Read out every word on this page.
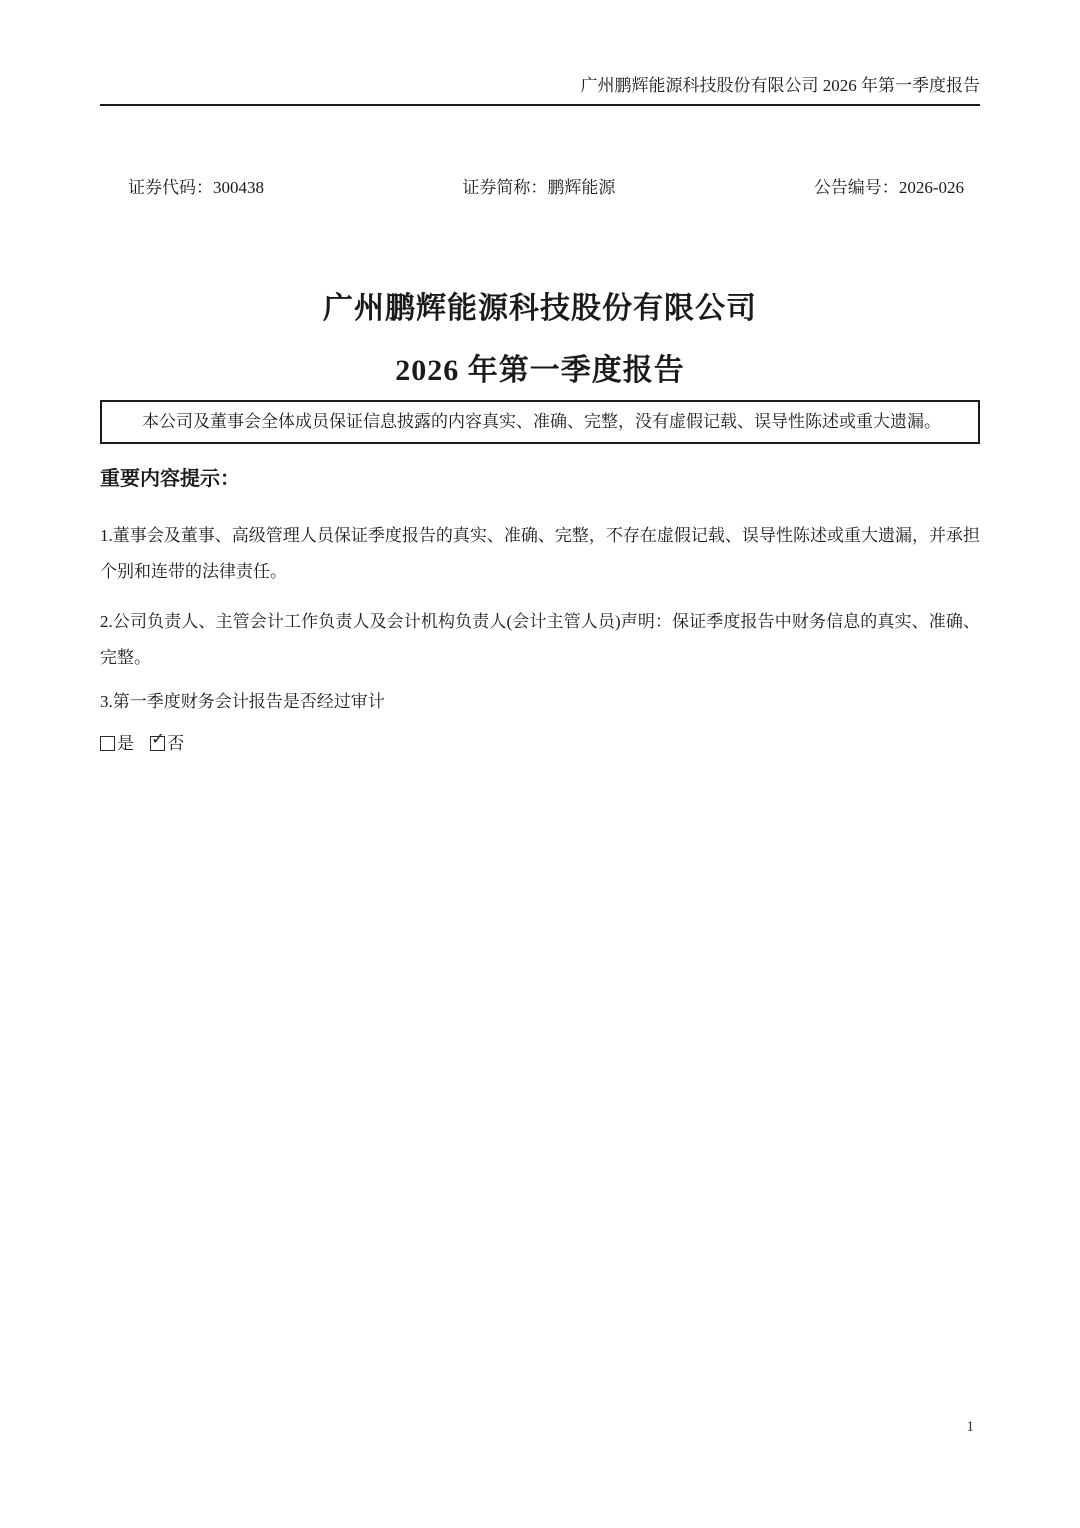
广州鹏辉能源科技股份有限公司 2026 年第一季度报告
证券代码：300438	证券简称：鹏辉能源	公告编号：2026-026
广州鹏辉能源科技股份有限公司
2026 年第一季度报告
本公司及董事会全体成员保证信息披露的内容真实、准确、完整，没有虚假记载、误导性陈述或重大遗漏。
重要内容提示：

1.董事会及董事、高级管理人员保证季度报告的真实、准确、完整，不存在虚假记载、误导性陈述或重大遗漏，并承担个别和连带的法律责任。

2.公司负责人、主管会计工作负责人及会计机构负责人(会计主管人员)声明：保证季度报告中财务信息的真实、准确、完整。

3.第一季度财务会计报告是否经过审计

是 ✓ 否
1
